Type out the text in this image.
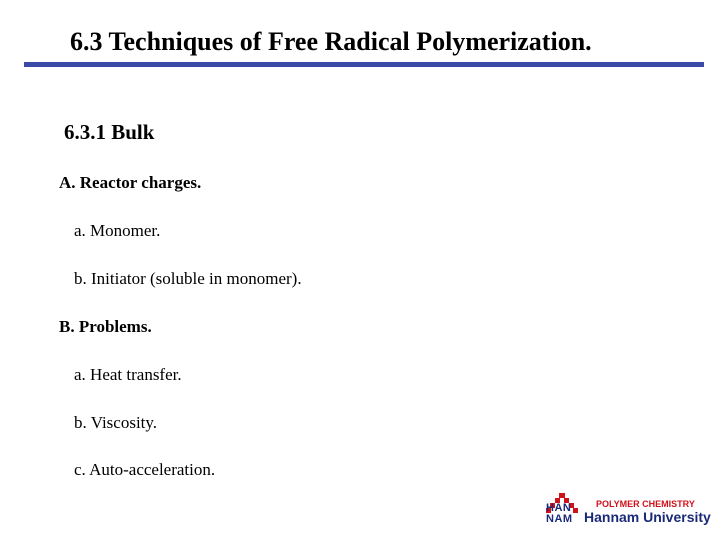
6.3 Techniques of Free Radical Polymerization.
6.3.1 Bulk
A. Reactor charges.
a. Monomer.
b. Initiator (soluble in monomer).
B. Problems.
a. Heat transfer.
b. Viscosity.
c. Auto-acceleration.
HAN
NAM
POLYMER CHEMISTRY
Hannam University
